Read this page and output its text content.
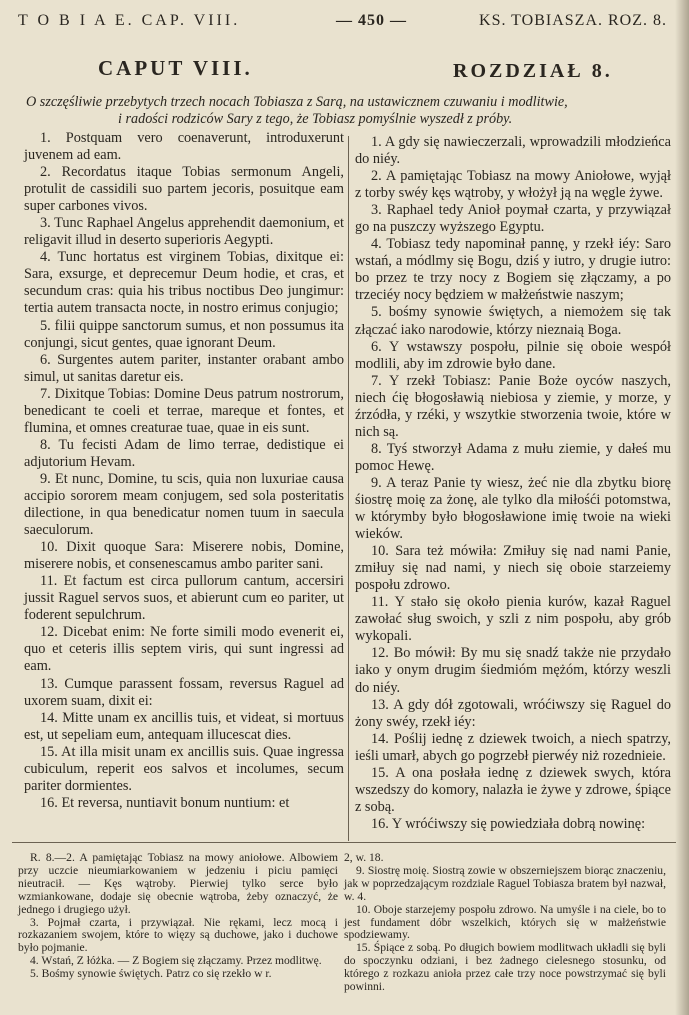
T O B I A E. CAP. VIII.	— 450 —	KS. TOBIASZA. ROZ. 8.
CAPUT VIII.	ROZDZIAŁ 8.
O szczęśliwie przebytych trzech nocach Tobiasza z Sarą, na ustawicznem czuwaniu i modlitwie,
i radości rodziców Sary z tego, że Tobiasz pomyślnie wyszedł z próby.

1. Postquam vero coenaverunt, introduxerunt juvenem ad eam.

2. Recordatus itaque Tobias sermonum Angeli, protulit de cassidili suo partem jecoris, posuitque eam super carbones vivos.

3. Tunc Raphael Angelus apprehendit daemonium, et religavit illud in deserto superioris Aegypti.

4. Tunc hortatus est virginem Tobias, dixitque ei: Sara, exsurge, et deprecemur Deum hodie, et cras, et secundum cras: quia his tribus noctibus Deo jungimur: tertia autem transacta nocte, in nostro erimus conjugio;

5. filii quippe sanctorum sumus, et non possumus ita conjungi, sicut gentes, quae ignorant Deum.

6. Surgentes autem pariter, instanter orabant ambo simul, ut sanitas daretur eis.

7. Dixitque Tobias: Domine Deus patrum nostrorum, benedicant te coeli et terrae, mareque et fontes, et flumina, et omnes creaturae tuae, quae in eis sunt.

8. Tu fecisti Adam de limo terrae, dedistique ei adjutorium Hevam.

9. Et nunc, Domine, tu scis, quia non luxuriae causa accipio sororem meam conjugem, sed sola posteritatis dilectione, in qua benedicatur nomen tuum in saecula saeculorum.

10. Dixit quoque Sara: Miserere nobis, Domine, miserere nobis, et consenescamus ambo pariter sani.

11. Et factum est circa pullorum cantum, accersiri jussit Raguel servos suos, et abierunt cum eo pariter, ut foderent sepulchrum.

12. Dicebat enim: Ne forte simili modo evenerit ei, quo et ceteris illis septem viris, qui sunt ingressi ad eam.

13. Cumque parassent fossam, reversus Raguel ad uxorem suam, dixit ei:

14. Mitte unam ex ancillis tuis, et videat, si mortuus est, ut sepeliam eum, antequam illucescat dies.

15. At illa misit unam ex ancillis suis. Quae ingressa cubiculum, reperit eos salvos et incolumes, secum pariter dormientes.

16. Et reversa, nuntiavit bonum nuntium: et

1. A gdy się nawieczerzali, wprowadzili młodzieńca do niéy.

2. A pamiętając Tobiasz na mowy Aniołowe, wyjął z torby swéy kęs wątroby, y włożył ją na węgle żywe.

3. Raphael tedy Anioł poymał czarta, y przywiązał go na puszczy wyższego Egyptu.

4. Tobiasz tedy napominał pannę, y rzekł iéy: Saro wstań, a módlmy się Bogu, dziś y iutro, y drugie iutro: bo przez te trzy nocy z Bogiem się złączamy, a po trzeciéy nocy będziem w małżeństwie naszym;

5. bośmy synowie świętych, a niemożem się tak złączać iako narodowie, którzy nieznaią Boga.

6. Y wstawszy pospołu, pilnie się oboie wespół modlili, aby im zdrowie było dane.

7. Y rzekł Tobiasz: Panie Boże oyców naszych, niech ćię błogosławią niebiosa y ziemie, y morze, y źrzódła, y rzéki, y wszytkie stworzenia twoie, które w nich są.

8. Tyś stworzył Adama z mułu ziemie, y dałeś mu pomoc Hewę.

9. A teraz Panie ty wiesz, żeć nie dla zbytku biorę śiostrę moię za żonę, ale tylko dla miłośći potomstwa, w którymby było błogosławione imię twoie na wieki wieków.

10. Sara też mówiła: Zmiłuy się nad nami Panie, zmiłuy się nad nami, y niech się oboie starzeiemy pospołu zdrowo.

11. Y stało się około pienia kurów, kazał Raguel zawołać sług swoich, y szli z nim pospołu, aby grób wykopali.

12. Bo mówił: By mu się snadź także nie przydało iako y onym drugim śiedmióm mężóm, którzy weszli do niéy.

13. A gdy dół zgotowali, wróćiwszy się Raguel do żony swéy, rzekł iéy:

14. Poślij iednę z dziewek twoich, a niech spatrzy, ieśli umarł, abych go pogrzebł pierwéy niż rozednieie.

15. A ona posłała iednę z dziewek swych, która wszedszy do komory, nalazła ie żywe y zdrowe, śpiące z sobą.

16. Y wróćiwszy się powiedziała dobrą nowinę:

R. 8.—2. A pamiętając Tobiasz na mowy aniołowe. Albowiem przy uczcie nieumiarkowaniem w jedzeniu i piciu pamięci nieutracił. — Kęs wątroby. Pierwiej tylko serce było wzmiankowane, dodaje się obecnie wątroba, żeby oznaczyć, że jednego i drugiego użył.

3. Pojmał czarta, i przywiązał. Nie rękami, lecz mocą i rozkazaniem swojem, które to więzy są duchowe, jako i duchowe było pojmanie.

4. Wstań, Z łóżka. — Z Bogiem się złączamy. Przez modlitwę.

5. Bośmy synowie świętych. Patrz co się rzekło w r.

2, w. 18.

9. Siostrę moię. Siostrą zowie w obszerniejszem biorąc znaczeniu, jak w poprzedzającym rozdziale Raguel Tobiasza bratem był nazwał, w. 4.

10. Oboje starzejemy pospołu zdrowo. Na umyśle i na ciele, bo to jest fundament dóbr wszelkich, których się w małżeństwie spodziewamy.

15. Śpiące z sobą. Po długich bowiem modlitwach układli się byli do spoczynku odziani, i bez żadnego cielesnego stosunku, od którego z rozkazu anioła przez całe trzy noce powstrzymać się byli powinni.
